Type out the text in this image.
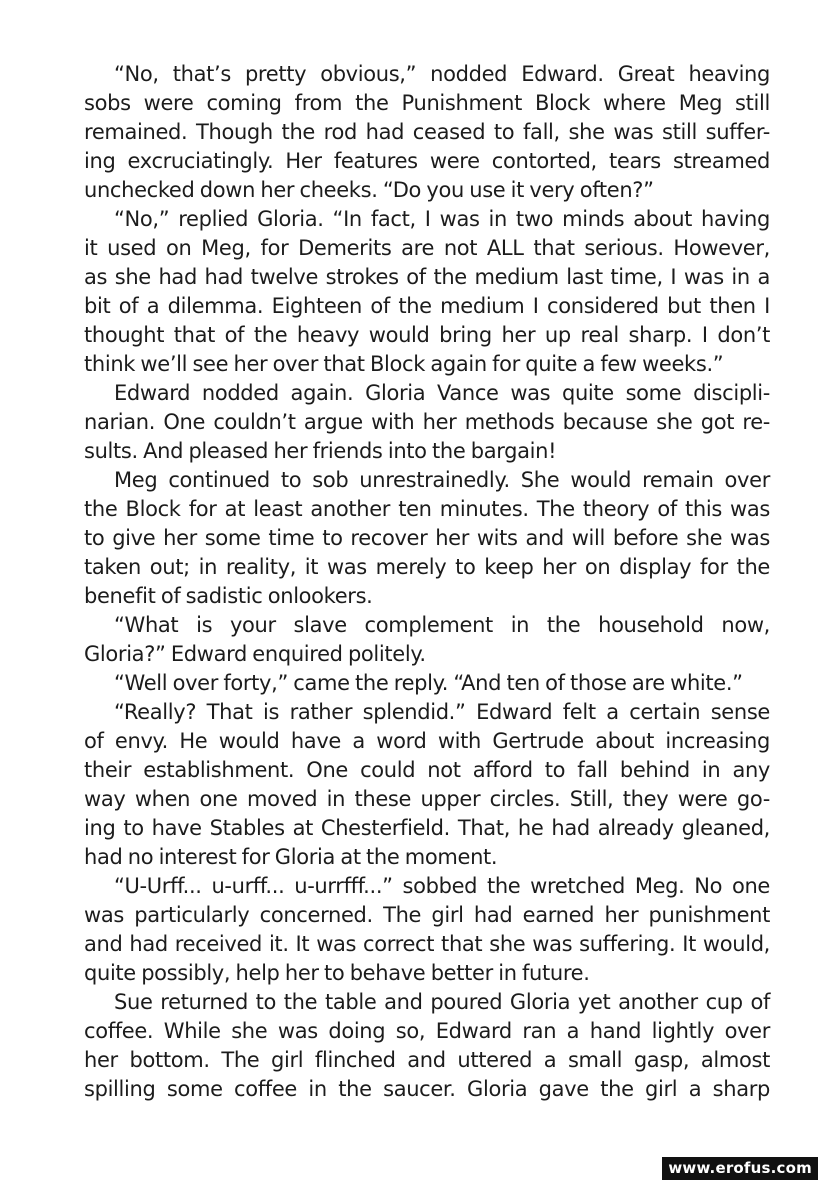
“No, that’s pretty obvious,” nodded Edward. Great heaving
sobs were coming from the Punishment Block where Meg still
remained. Though the rod had ceased to fall, she was still suffer-
ing excruciatingly. Her features were contorted, tears streamed
unchecked down her cheeks. “Do you use it very often?”
“No,” replied Gloria. “In fact, I was in two minds about having
it used on Meg, for Demerits are not ALL that serious. However,
as she had had twelve strokes of the medium last time, I was in a
bit of a dilemma. Eighteen of the medium I considered but then I
thought that of the heavy would bring her up real sharp. I don’t
think we’ll see her over that Block again for quite a few weeks.”
Edward nodded again. Gloria Vance was quite some discipli-
narian. One couldn’t argue with her methods because she got re-
sults. And pleased her friends into the bargain!
Meg continued to sob unrestrainedly. She would remain over
the Block for at least another ten minutes. The theory of this was
to give her some time to recover her wits and will before she was
taken out; in reality, it was merely to keep her on display for the
benefit of sadistic onlookers.
“What is your slave complement in the household now,
Gloria?” Edward enquired politely.
“Well over forty,” came the reply. “And ten of those are white.”
“Really? That is rather splendid.” Edward felt a certain sense
of envy. He would have a word with Gertrude about increasing
their establishment. One could not afford to fall behind in any
way when one moved in these upper circles. Still, they were go-
ing to have Stables at Chesterfield. That, he had already gleaned,
had no interest for Gloria at the moment.
“U-Urff... u-urff... u-urrfff...” sobbed the wretched Meg. No one
was particularly concerned. The girl had earned her punishment
and had received it. It was correct that she was suffering. It would,
quite possibly, help her to behave better in future.
Sue returned to the table and poured Gloria yet another cup of
coffee. While she was doing so, Edward ran a hand lightly over
her bottom. The girl flinched and uttered a small gasp, almost
spilling some coffee in the saucer. Gloria gave the girl a sharp
www.erofus.com
